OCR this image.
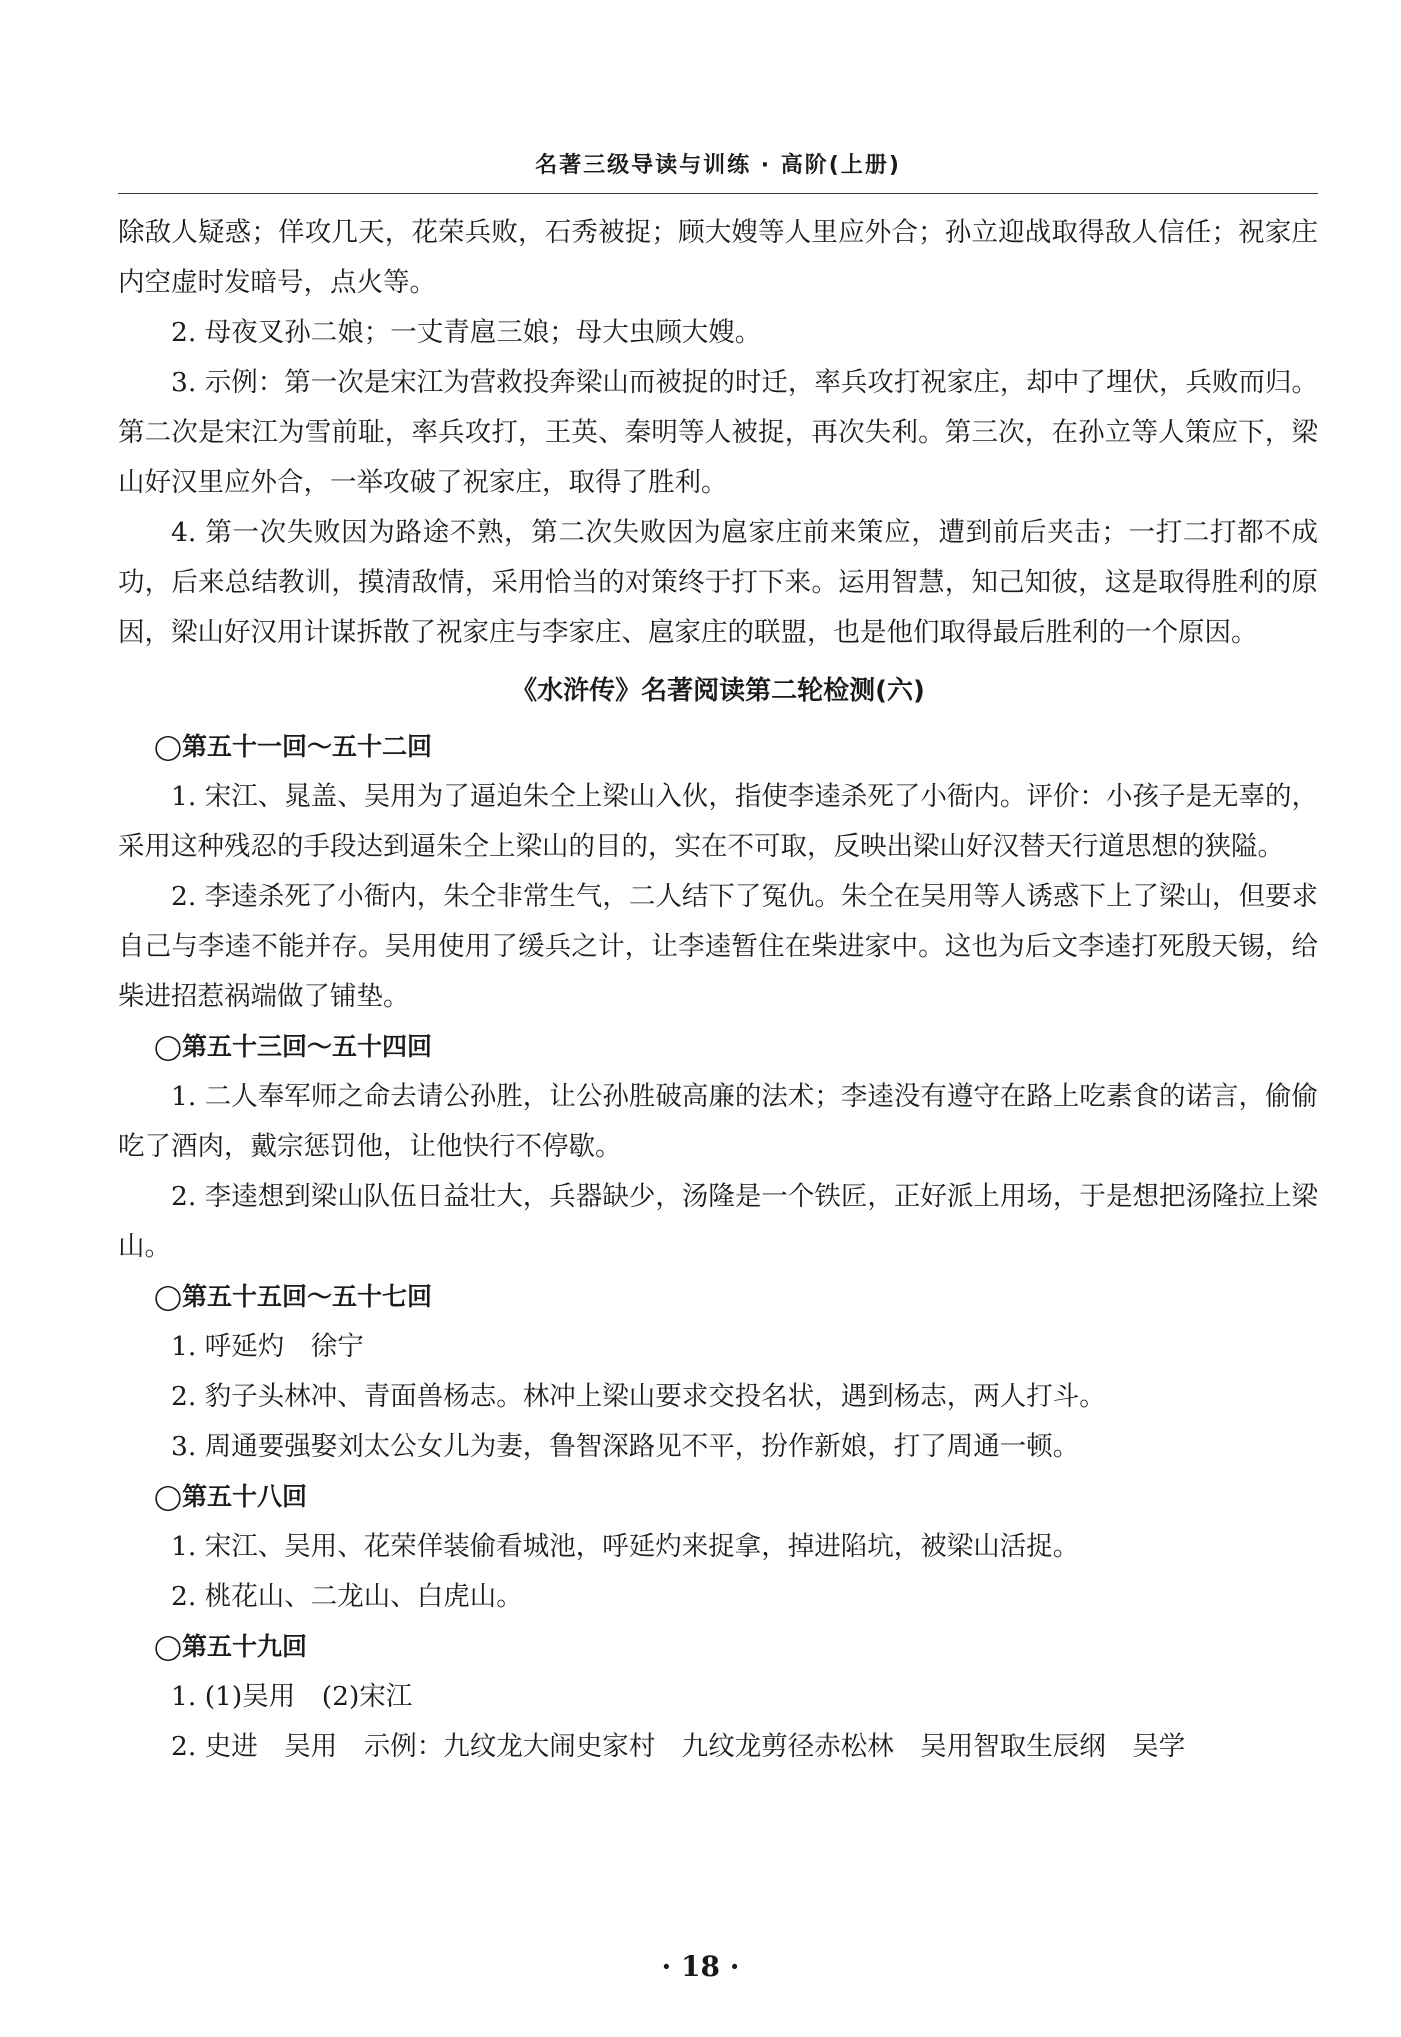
名著三级导读与训练 · 高阶(上册)

除敌人疑惑；佯攻几天，花荣兵败，石秀被捉；顾大嫂等人里应外合；孙立迎战取得敌人信任；祝家庄内空虚时发暗号，点火等。

2. 母夜叉孙二娘；一丈青扈三娘；母大虫顾大嫂。

3. 示例：第一次是宋江为营救投奔梁山而被捉的时迁，率兵攻打祝家庄，却中了埋伏，兵败而归。第二次是宋江为雪前耻，率兵攻打，王英、秦明等人被捉，再次失利。第三次，在孙立等人策应下，梁山好汉里应外合，一举攻破了祝家庄，取得了胜利。

4. 第一次失败因为路途不熟，第二次失败因为扈家庄前来策应，遭到前后夹击；一打二打都不成功，后来总结教训，摸清敌情，采用恰当的对策终于打下来。运用智慧，知己知彼，这是取得胜利的原因，梁山好汉用计谋拆散了祝家庄与李家庄、扈家庄的联盟，也是他们取得最后胜利的一个原因。

《水浒传》名著阅读第二轮检测(六)
◯第五十一回～五十二回

1. 宋江、晁盖、吴用为了逼迫朱仝上梁山入伙，指使李逵杀死了小衙内。评价：小孩子是无辜的，采用这种残忍的手段达到逼朱仝上梁山的目的，实在不可取，反映出梁山好汉替天行道思想的狭隘。

2. 李逵杀死了小衙内，朱仝非常生气，二人结下了冤仇。朱仝在吴用等人诱惑下上了梁山，但要求自己与李逵不能并存。吴用使用了缓兵之计，让李逵暂住在柴进家中。这也为后文李逵打死殷天锡，给柴进招惹祸端做了铺垫。

◯第五十三回～五十四回

1. 二人奉军师之命去请公孙胜，让公孙胜破高廉的法术；李逵没有遵守在路上吃素食的诺言，偷偷吃了酒肉，戴宗惩罚他，让他快行不停歇。

2. 李逵想到梁山队伍日益壮大，兵器缺少，汤隆是一个铁匠，正好派上用场，于是想把汤隆拉上梁山。

◯第五十五回～五十七回

1. 呼延灼　徐宁

2. 豹子头林冲、青面兽杨志。林冲上梁山要求交投名状，遇到杨志，两人打斗。

3. 周通要强娶刘太公女儿为妻，鲁智深路见不平，扮作新娘，打了周通一顿。

◯第五十八回

1. 宋江、吴用、花荣佯装偷看城池，呼延灼来捉拿，掉进陷坑，被梁山活捉。

2. 桃花山、二龙山、白虎山。

◯第五十九回

1. (1)吴用　(2)宋江

2. 史进　吴用　示例：九纹龙大闹史家村　九纹龙剪径赤松林　吴用智取生辰纲　吴学

· 18 ·
